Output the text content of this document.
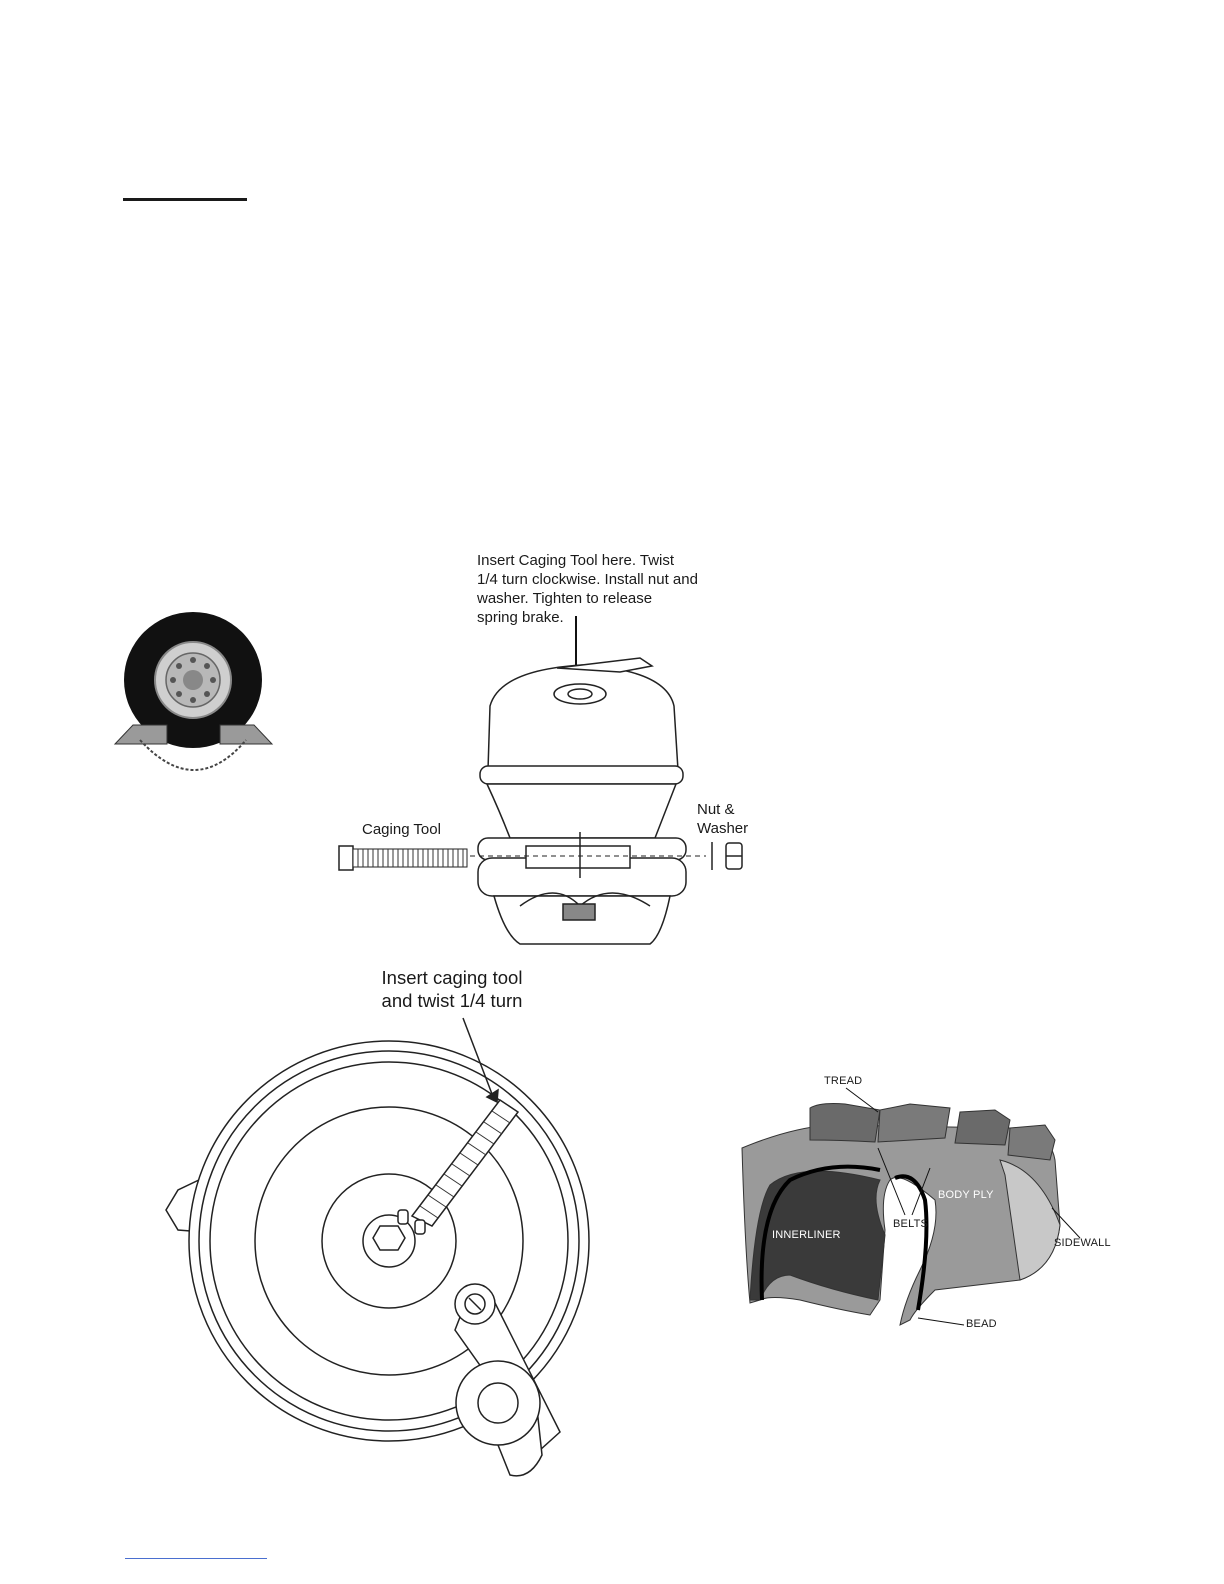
Insert Caging Tool here. Twist
1/4 turn clockwise. Install nut and
washer. Tighten to release
spring brake.
Caging Tool
Nut &
Washer
Insert caging tool
and twist 1/4 turn
TREAD
BELTS
BODY PLY
INNERLINER
SIDEWALL
BEAD
